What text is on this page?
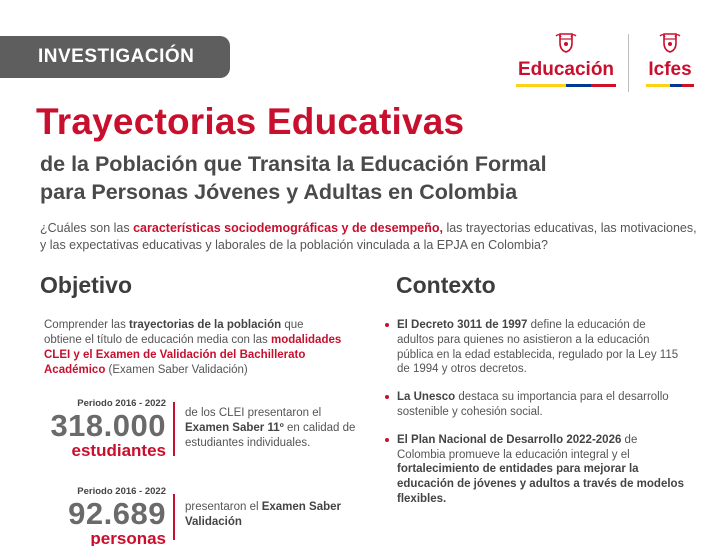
INVESTIGACIÓN
Educación	Icfes
Trayectorias Educativas
de la Población que Transita la Educación Formal
para Personas Jóvenes y Adultas en Colombia
¿Cuáles son las características sociodemográficas y de desempeño, las trayectorias educativas, las motivaciones, y las expectativas educativas y laborales de la población vinculada a la EPJA en Colombia?
Objetivo	Contexto
Comprender las trayectorias de la población que obtiene el título de educación media con las modalidades CLEI y el Examen de Validación del Bachillerato Académico (Examen Saber Validación)
Periodo 2016 - 2022
318.000
estudiantes
de los CLEI presentaron el Examen Saber 11º en calidad de estudiantes individuales.
Periodo 2016 - 2022
92.689
personas
presentaron el Examen Saber Validación
El Decreto 3011 de 1997 define la educación de adultos para quienes no asistieron a la educación pública en la edad establecida, regulado por la Ley 115 de 1994 y otros decretos.
La Unesco destaca su importancia para el desarrollo sostenible y cohesión social.
El Plan Nacional de Desarrollo 2022-2026 de Colombia promueve la educación integral y el fortalecimiento de entidades para mejorar la educación de jóvenes y adultos a través de modelos flexibles.
